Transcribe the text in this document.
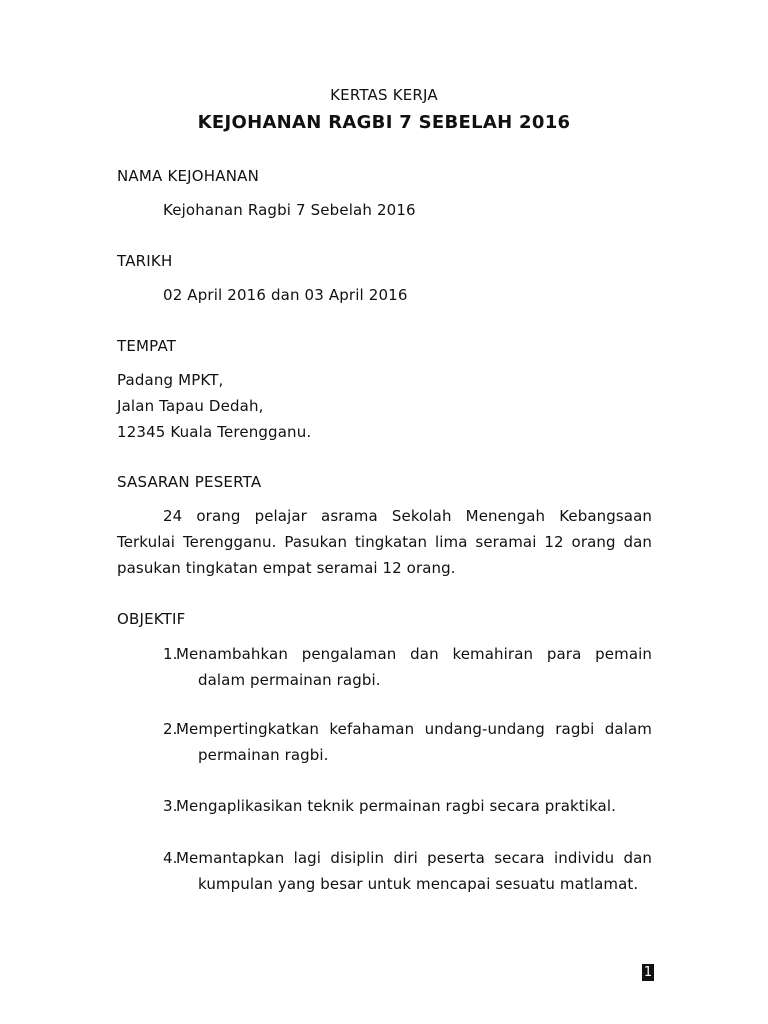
KERTAS KERJA
KEJOHANAN RAGBI 7 SEBELAH 2016
NAMA KEJOHANAN
Kejohanan Ragbi 7 Sebelah 2016
TARIKH
02 April 2016 dan 03 April 2016
TEMPAT
Padang MPKT,
Jalan Tapau Dedah,
12345 Kuala Terengganu.
SASARAN PESERTA

24 orang pelajar asrama Sekolah Menengah Kebangsaan Terkulai Terengganu. Pasukan tingkatan lima seramai 12 orang dan pasukan tingkatan empat seramai 12 orang.

OBJEKTIF
1.
Menambahkan pengalaman dan kemahiran para pemain dalam permainan ragbi.
2.
Mempertingkatkan kefahaman undang-undang ragbi dalam permainan ragbi.
3.
Mengaplikasikan teknik permainan ragbi secara praktikal.
4.
Memantapkan lagi disiplin diri peserta secara individu dan kumpulan yang besar untuk mencapai sesuatu matlamat.
1
